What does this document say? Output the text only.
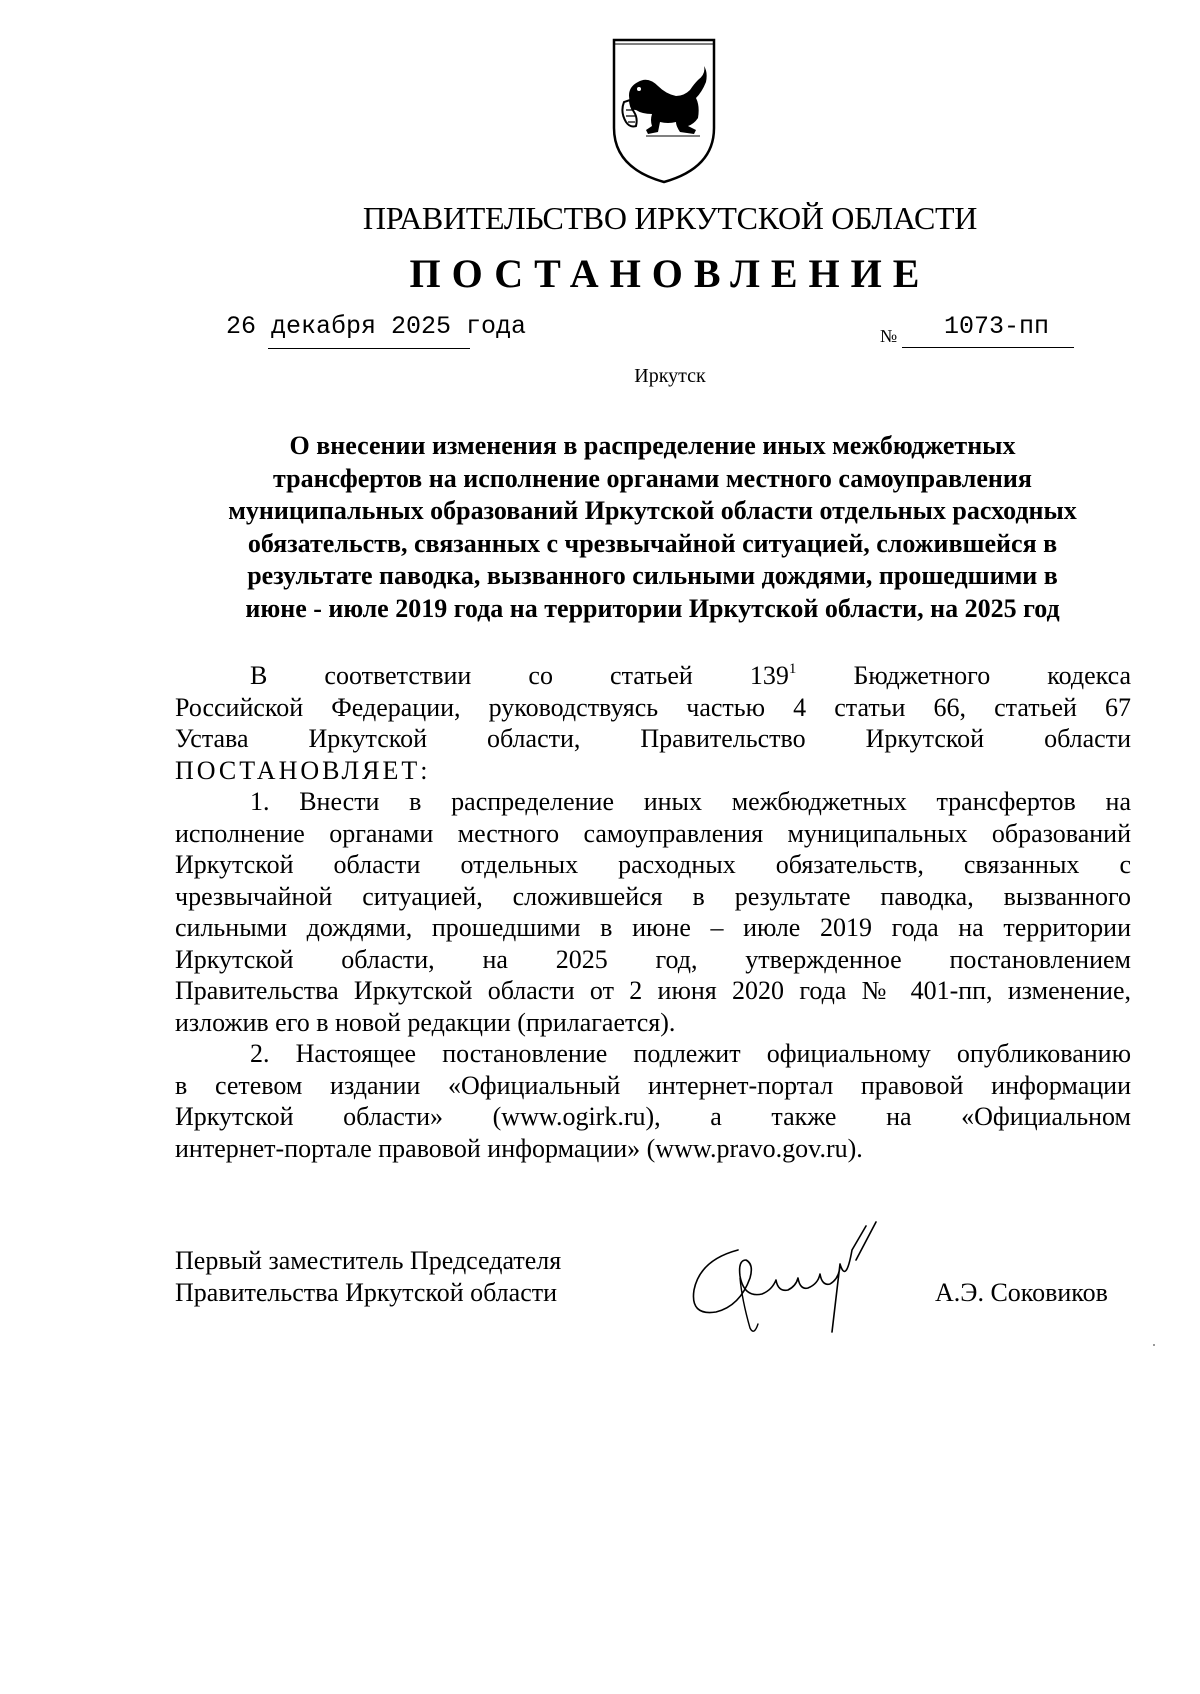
ПРАВИТЕЛЬСТВО ИРКУТСКОЙ ОБЛАСТИ
ПОСТАНОВЛЕНИЕ
26 декабря 2025 года	№ 1073-пп
Иркутск
О внесении изменения в распределение иных межбюджетных
трансфертов на исполнение органами местного самоуправления
муниципальных образований Иркутской области отдельных расходных
обязательств, связанных с чрезвычайной ситуацией, сложившейся в
результате паводка, вызванного сильными дождями, прошедшими в
июне - июле 2019 года на территории Иркутской области, на 2025 год
В соответствии со статьей $139^1$ Бюджетного кодекса
Российской Федерации, руководствуясь частью 4 статьи 66, статьей 67
Устава Иркутской области, Правительство Иркутской области
ПОСТАНОВЛЯЕТ:
1. Внести в распределение иных межбюджетных трансфертов на
исполнение органами местного самоуправления муниципальных образований
Иркутской области отдельных расходных обязательств, связанных с
чрезвычайной ситуацией, сложившейся в результате паводка, вызванного
сильными дождями, прошедшими в июне – июле 2019 года на территории
Иркутской области, на 2025 год, утвержденное постановлением
Правительства Иркутской области от 2 июня 2020 года № 401-пп, изменение,
изложив его в новой редакции (прилагается).
2. Настоящее постановление подлежит официальному опубликованию
в сетевом издании «Официальный интернет-портал правовой информации
Иркутской области» (www.ogirk.ru), а также на «Официальном
интернет-портале правовой информации» (www.pravo.gov.ru).
Первый заместитель Председателя
Правительства Иркутской области	А.Э. Соковиков
